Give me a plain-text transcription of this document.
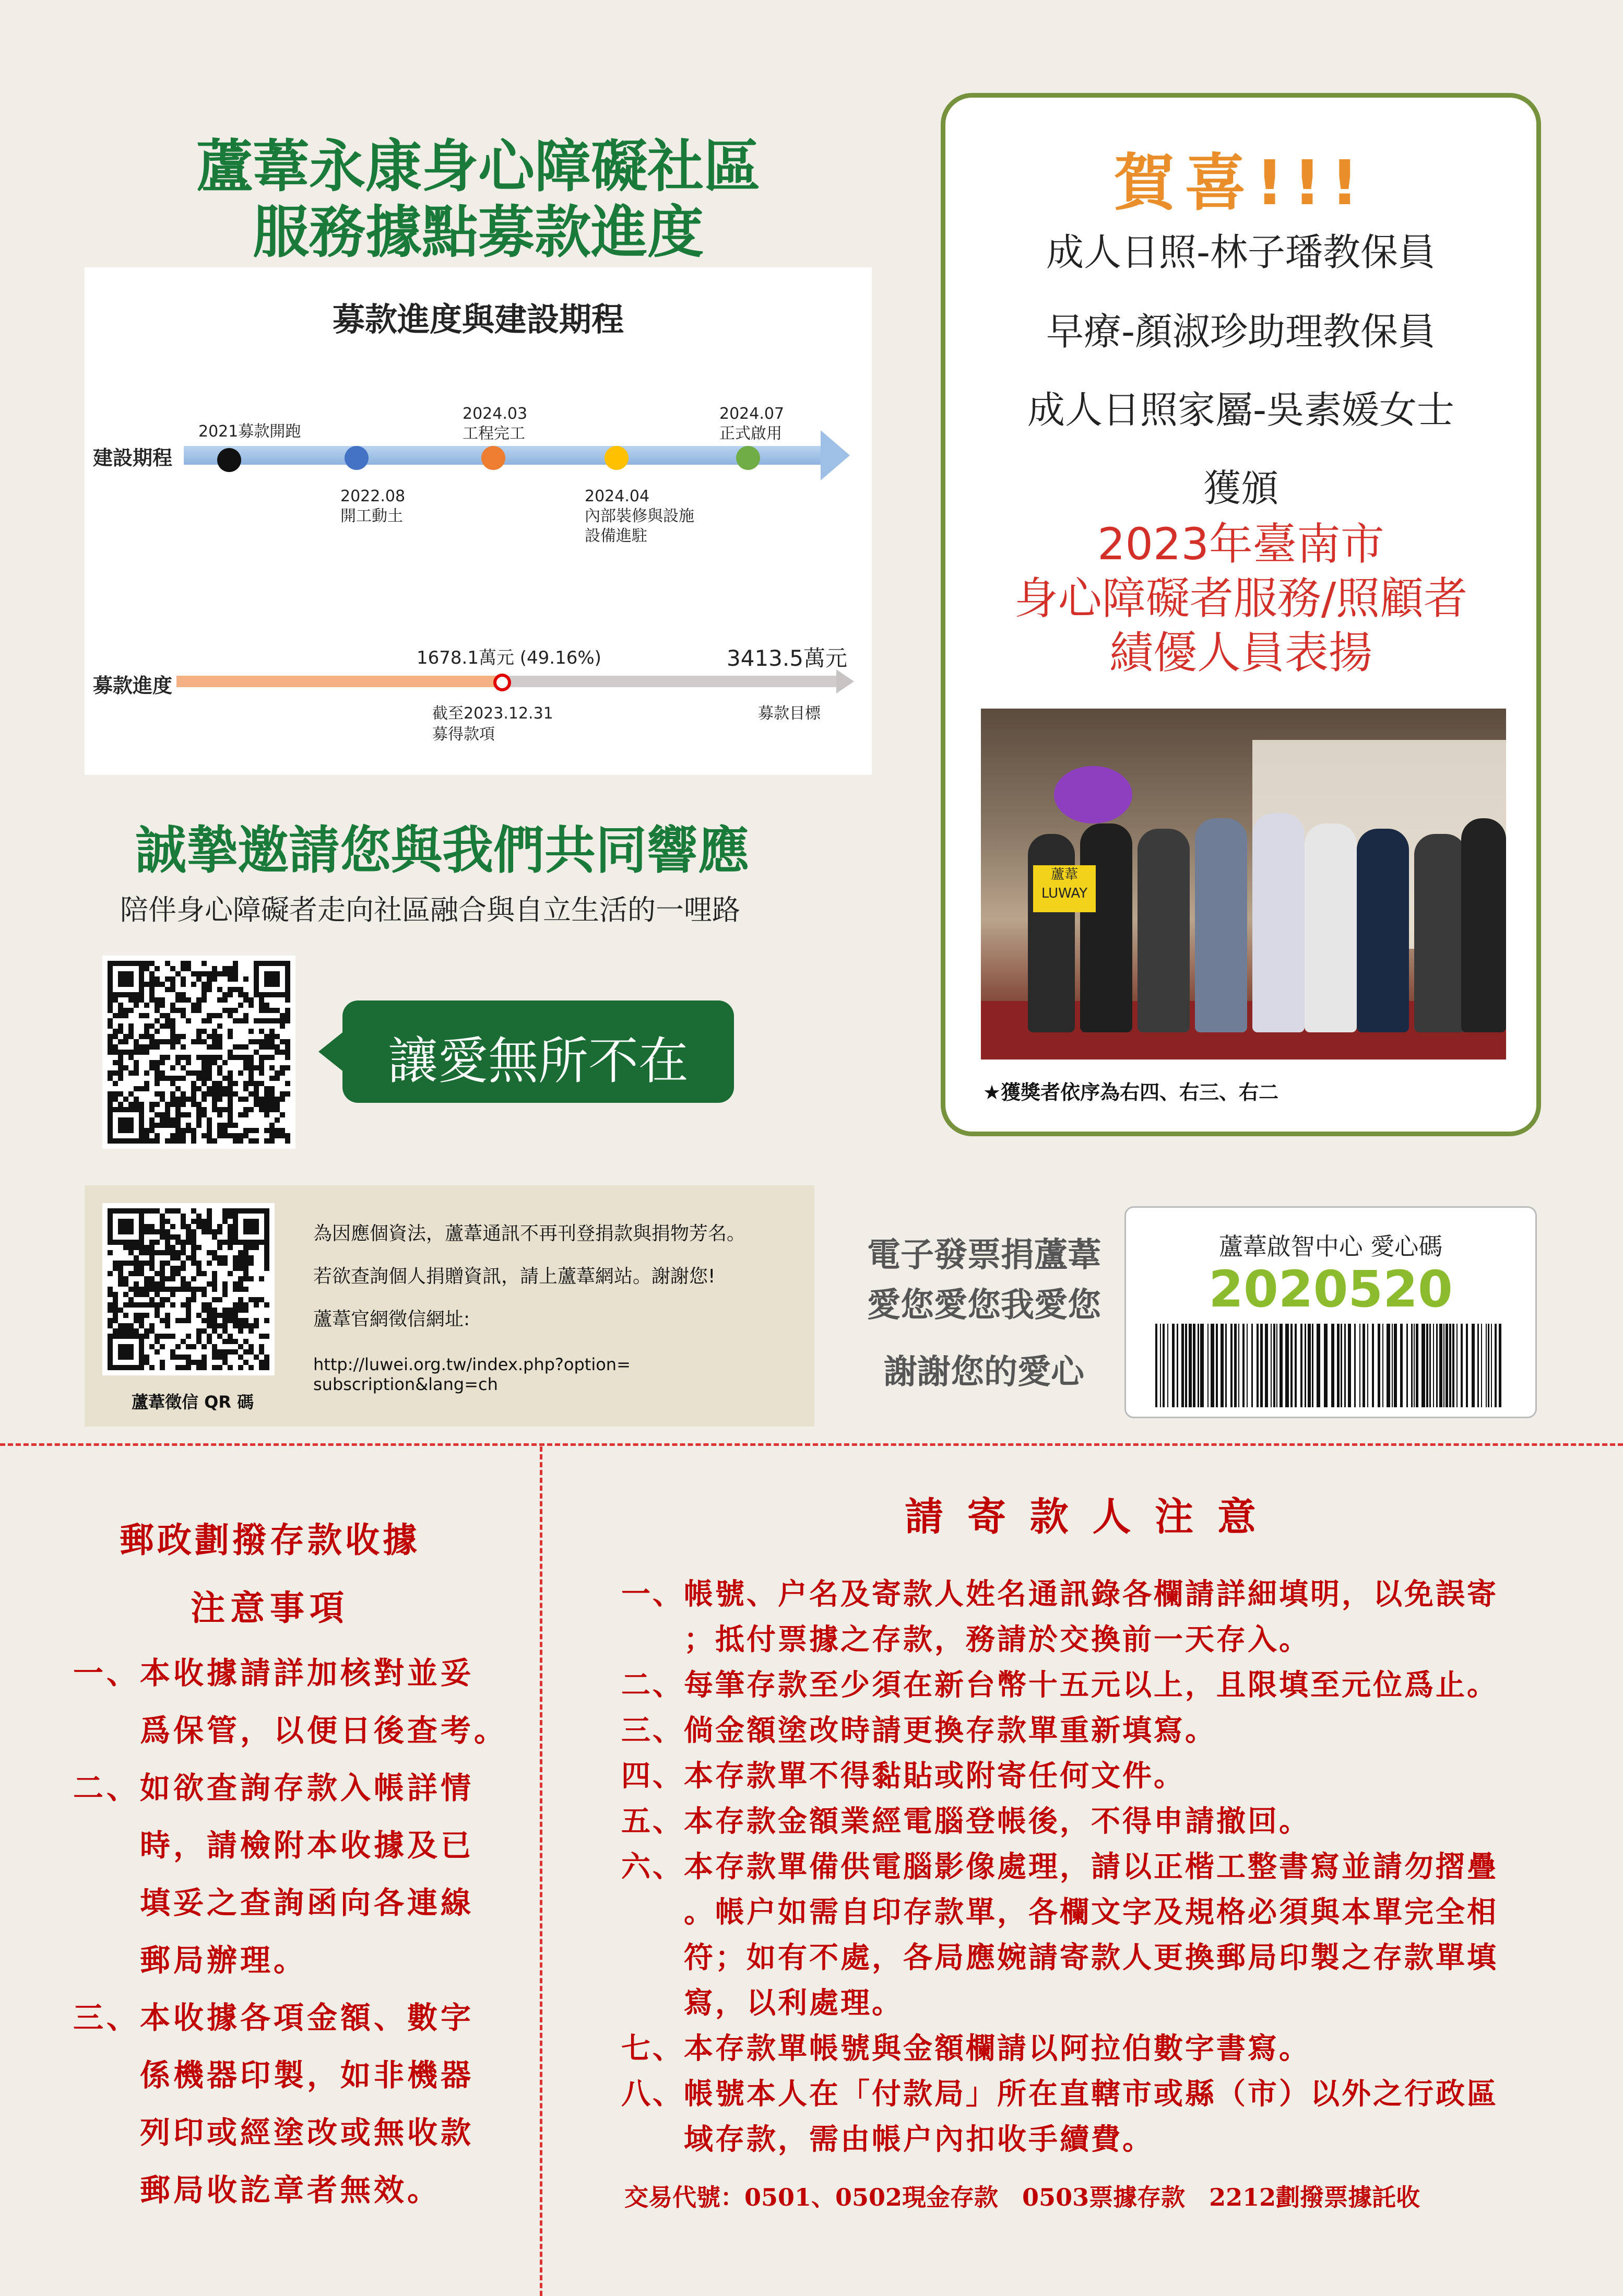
蘆葦永康身心障礙社區
服務據點募款進度
募款進度與建設期程
建設期程
2021募款開跑
2022.08
開工動土
2024.03
工程完工
2024.04
內部裝修與設施
設備進駐
2024.07
正式啟用
募款進度
1678.1萬元 (49.16%)	3413.5萬元
截至2023.12.31
募得款項
募款目標
誠摯邀請您與我們共同響應
陪伴身心障礙者走向社區融合與自立生活的一哩路
讓愛無所不在
賀喜!!!
成人日照-林子璠教保員
早療-顏淑珍助理教保員
成人日照家屬-吳素媛女士
獲頒
2023年臺南市
身心障礙者服務/照顧者
績優人員表揚
蘆葦
LUWAY
★獲獎者依序為右四、右三、右二
蘆葦徵信 QR 碼
為因應個資法，蘆葦通訊不再刊登捐款與捐物芳名。
若欲查詢個人捐贈資訊，請上蘆葦網站。謝謝您!
蘆葦官網徵信網址:
http://luwei.org.tw/index.php?option= subscription&lang=ch
電子發票捐蘆葦
愛您愛您我愛您
謝謝您的愛心
蘆葦啟智中心 愛心碼
2020520
郵政劃撥存款收據
注意事項
一、本收據請詳加核對並妥
　　爲保管，以便日後查考。
二、如欲查詢存款入帳詳情
　　時，請檢附本收據及已
　　填妥之查詢函向各連線
　　郵局辦理。
三、本收據各項金額、數字
　　係機器印製，如非機器
　　列印或經塗改或無收款
　　郵局收訖章者無效。
請 寄 款 人 注 意
一、帳號、户名及寄款人姓名通訊錄各欄請詳細填明，以免誤寄
　　；抵付票據之存款，務請於交換前一天存入。
二、每筆存款至少須在新台幣十五元以上，且限填至元位爲止。
三、倘金額塗改時請更換存款單重新填寫。
四、本存款單不得黏貼或附寄任何文件。
五、本存款金額業經電腦登帳後，不得申請撤回。
六、本存款單備供電腦影像處理，請以正楷工整書寫並請勿摺疊
　　。帳户如需自印存款單，各欄文字及規格必須與本單完全相
　　符；如有不處，各局應婉請寄款人更換郵局印製之存款單填
　　寫，以利處理。
七、本存款單帳號與金額欄請以阿拉伯數字書寫。
八、帳號本人在「付款局」所在直轄市或縣（市）以外之行政區
　　域存款，需由帳户內扣收手續費。
交易代號：0501、0502現金存款　0503票據存款　2212劃撥票據託收
